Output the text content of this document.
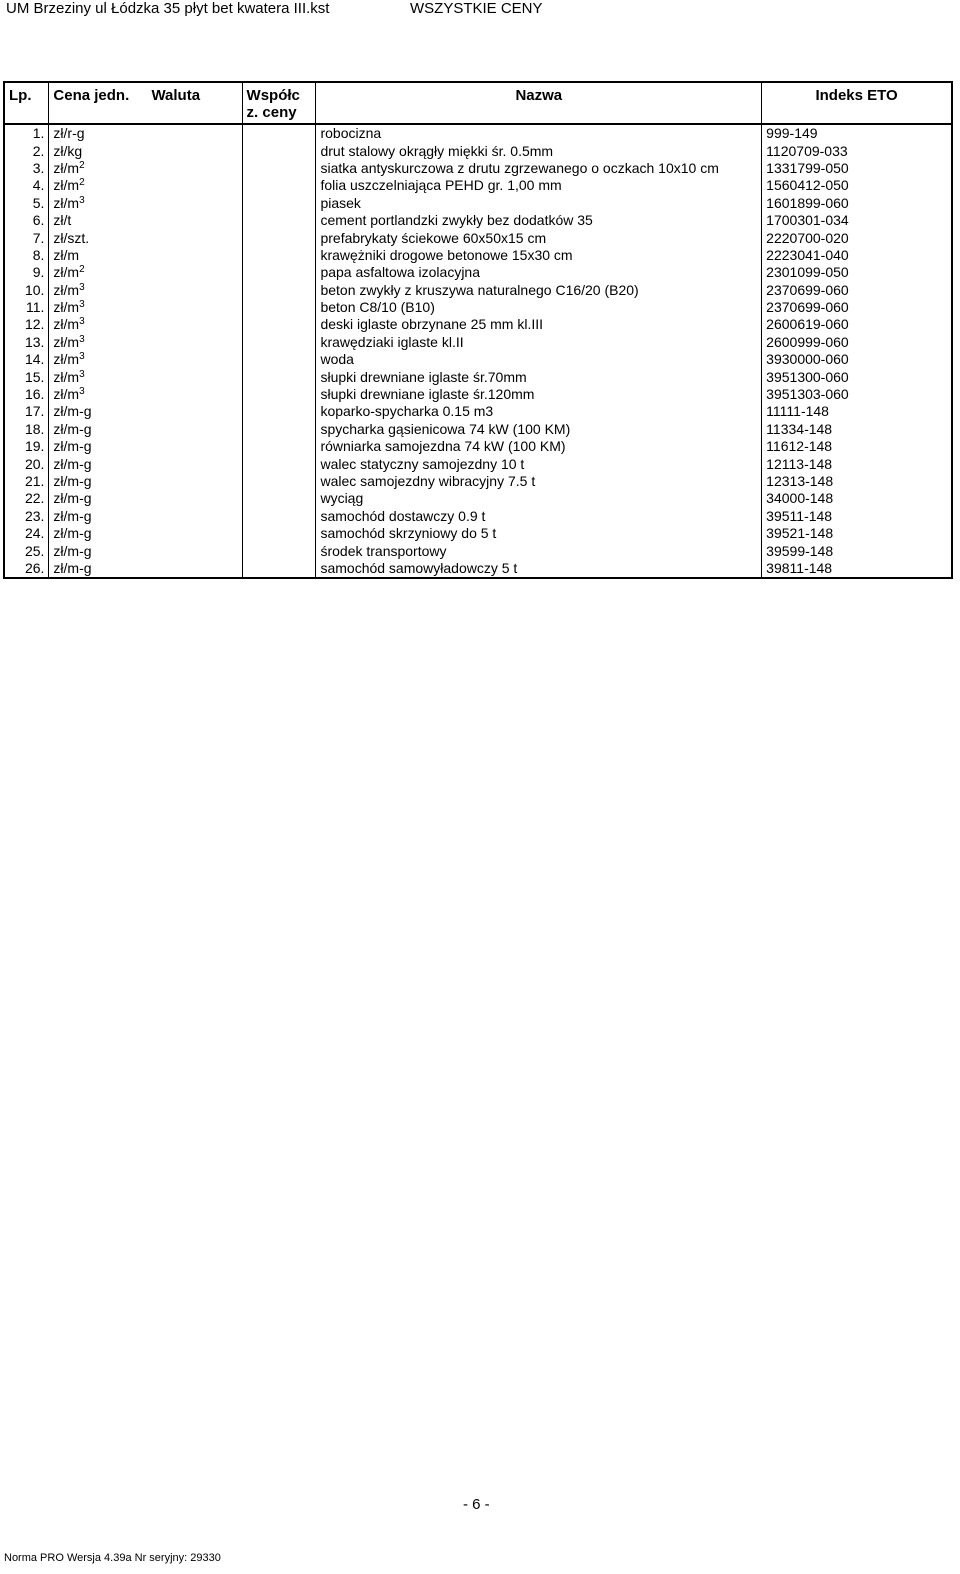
UM Brzeziny ul Łódzka 35 płyt bet kwatera III.kst	WSZYSTKIE CENY
Lp.	Cena jedn. Waluta	Współc
z. ceny	Nazwa	Indeks ETO
1.	zł/r-g		robocizna	999-149
2.	zł/kg		drut stalowy okrągły miękki śr. 0.5mm	1120709-033
3.	$zł/m^2$		siatka antyskurczowa z drutu zgrzewanego o oczkach 10x10 cm	1331799-050
4.	$zł/m^2$		folia uszczelniająca PEHD gr. 1,00 mm	1560412-050
5.	$zł/m^3$		piasek	1601899-060
6.	zł/t		cement portlandzki zwykły bez dodatków 35	1700301-034
7.	zł/szt.		prefabrykaty ściekowe 60x50x15 cm	2220700-020
8.	zł/m		krawężniki drogowe betonowe 15x30 cm	2223041-040
9.	$zł/m^2$		papa asfaltowa izolacyjna	2301099-050
10.	$zł/m^3$		beton zwykły z kruszywa naturalnego C16/20 (B20)	2370699-060
11.	$zł/m^3$		beton C8/10 (B10)	2370699-060
12.	$zł/m^3$		deski iglaste obrzynane 25 mm kl.III	2600619-060
13.	$zł/m^3$		krawędziaki iglaste kl.II	2600999-060
14.	$zł/m^3$		woda	3930000-060
15.	$zł/m^3$		słupki drewniane iglaste śr.70mm	3951300-060
16.	$zł/m^3$		słupki drewniane iglaste śr.120mm	3951303-060
17.	zł/m-g		koparko-spycharka 0.15 m3	11111-148
18.	zł/m-g		spycharka gąsienicowa 74 kW (100 KM)	11334-148
19.	zł/m-g		równiarka samojezdna 74 kW (100 KM)	11612-148
20.	zł/m-g		walec statyczny samojezdny 10 t	12113-148
21.	zł/m-g		walec samojezdny wibracyjny 7.5 t	12313-148
22.	zł/m-g		wyciąg	34000-148
23.	zł/m-g		samochód dostawczy 0.9 t	39511-148
24.	zł/m-g		samochód skrzyniowy do 5 t	39521-148
25.	zł/m-g		środek transportowy	39599-148
26.	zł/m-g		samochód samowyładowczy 5 t	39811-148
- 6 -
Norma PRO Wersja 4.39a Nr seryjny: 29330
